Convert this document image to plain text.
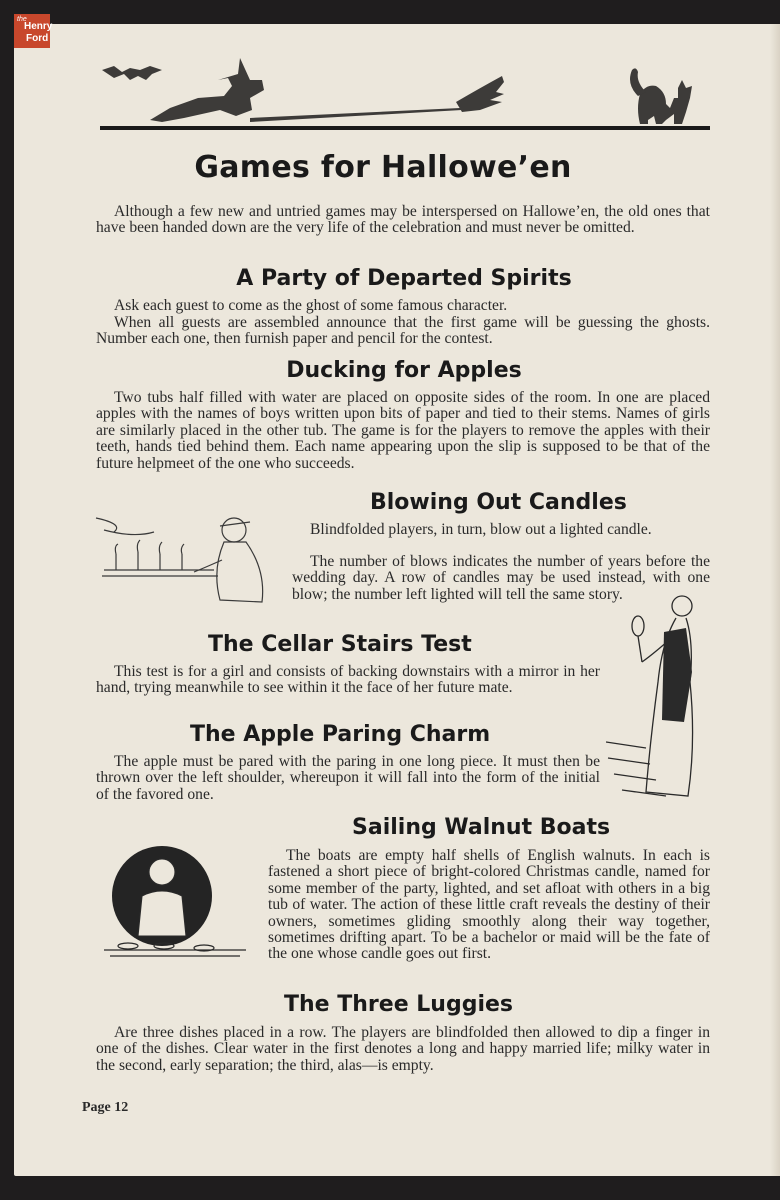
the
Henry
Ford
Games for Hallowe’en
Although a few new and untried games may be interspersed on Hallowe’en, the old ones that have been handed down are the very life of the celebration and must never be omitted.
A Party of Departed Spirits
Ask each guest to come as the ghost of some famous character.
When all guests are assembled announce that the first game will be guessing the ghosts. Number each one, then furnish paper and pencil for the contest.
Ducking for Apples
Two tubs half filled with water are placed on opposite sides of the room. In one are placed apples with the names of boys written upon bits of paper and tied to their stems. Names of girls are similarly placed in the other tub. The game is for the players to remove the apples with their teeth, hands tied behind them. Each name appearing upon the slip is supposed to be that of the future helpmeet of the one who succeeds.
Blowing Out Candles
Blindfolded players, in turn, blow out a lighted candle.
The number of blows indicates the number of years before the wedding day. A row of candles may be used instead, with one blow; the number left lighted will tell the same story.
The Cellar Stairs Test
This test is for a girl and consists of backing downstairs with a mirror in her hand, trying meanwhile to see within it the face of her future mate.
The Apple Paring Charm
The apple must be pared with the paring in one long piece. It must then be thrown over the left shoulder, whereupon it will fall into the form of the initial of the favored one.
Sailing Walnut Boats
The boats are empty half shells of English walnuts. In each is fastened a short piece of bright-colored Christmas candle, named for some member of the party, lighted, and set afloat with others in a big tub of water. The action of these little craft reveals the destiny of their owners, sometimes gliding smoothly along their way together, sometimes drifting apart. To be a bachelor or maid will be the fate of the one whose candle goes out first.
The Three Luggies
Are three dishes placed in a row. The players are blindfolded then allowed to dip a finger in one of the dishes. Clear water in the first denotes a long and happy married life; milky water in the second, early separation; the third, alas—is empty.
Page 12
